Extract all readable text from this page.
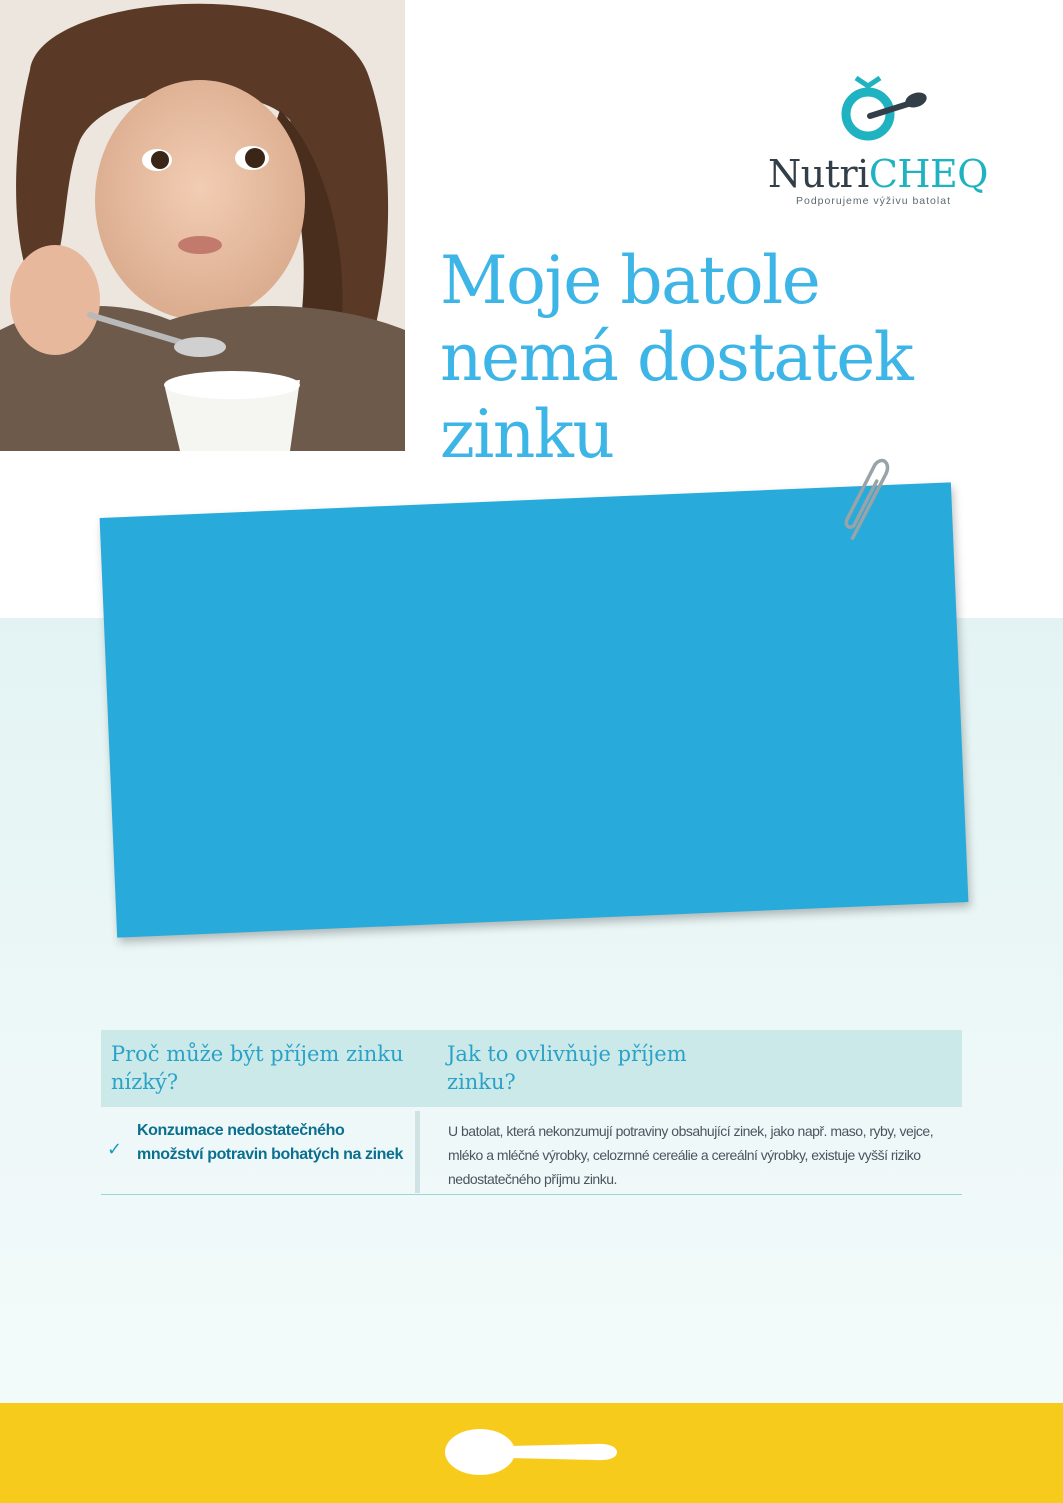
NutriCHEQ
Podporujeme výživu batolat
Moje batole
nemá dostatek
zinku

Proč může být příjem zinku nízký?
Jak to ovlivňuje příjem zinku?
✓
Konzumace nedostatečného množství potravin bohatých na zinek
U batolat, která nekonzumují potraviny obsahující zinek, jako např. maso, ryby, vejce, mléko a mléčné výrobky, celozrnné cereálie a cereální výrobky, existuje vyšší riziko nedostatečného příjmu zinku.
